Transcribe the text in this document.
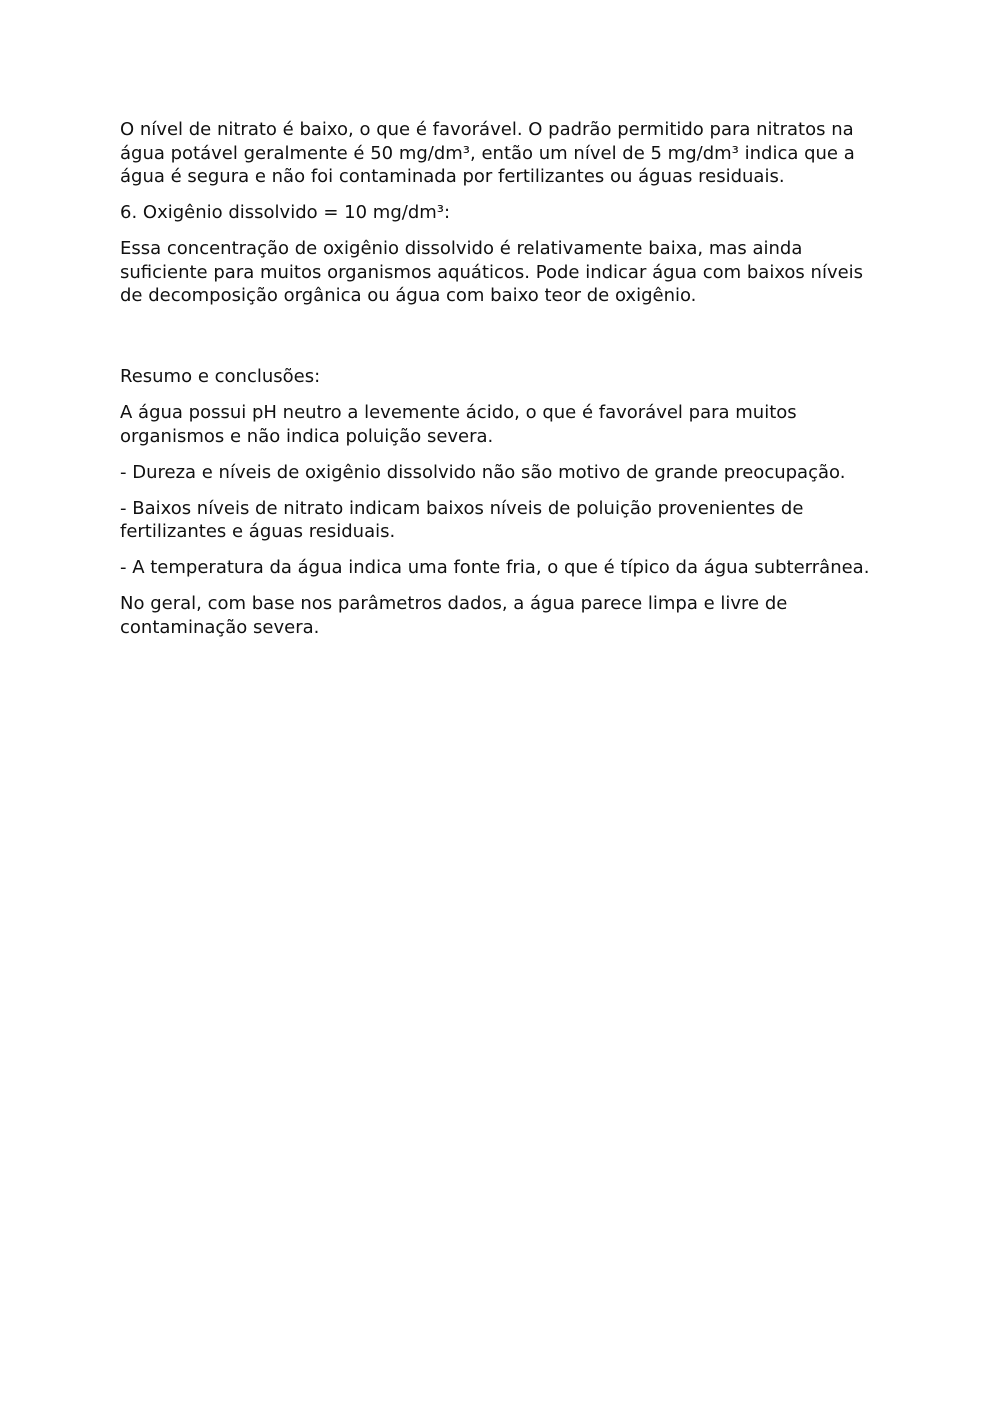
O nível de nitrato é baixo, o que é favorável. O padrão permitido para nitratos na água potável geralmente é 50 mg/dm³, então um nível de 5 mg/dm³ indica que a água é segura e não foi contaminada por fertilizantes ou águas residuais.

6. Oxigênio dissolvido = 10 mg/dm³:

Essa concentração de oxigênio dissolvido é relativamente baixa, mas ainda suficiente para muitos organismos aquáticos. Pode indicar água com baixos níveis de decomposição orgânica ou água com baixo teor de oxigênio.

Resumo e conclusões:

A água possui pH neutro a levemente ácido, o que é favorável para muitos organismos e não indica poluição severa.

- Dureza e níveis de oxigênio dissolvido não são motivo de grande preocupação.

- Baixos níveis de nitrato indicam baixos níveis de poluição provenientes de fertilizantes e águas residuais.

- A temperatura da água indica uma fonte fria, o que é típico da água subterrânea.

No geral, com base nos parâmetros dados, a água parece limpa e livre de contaminação severa.
